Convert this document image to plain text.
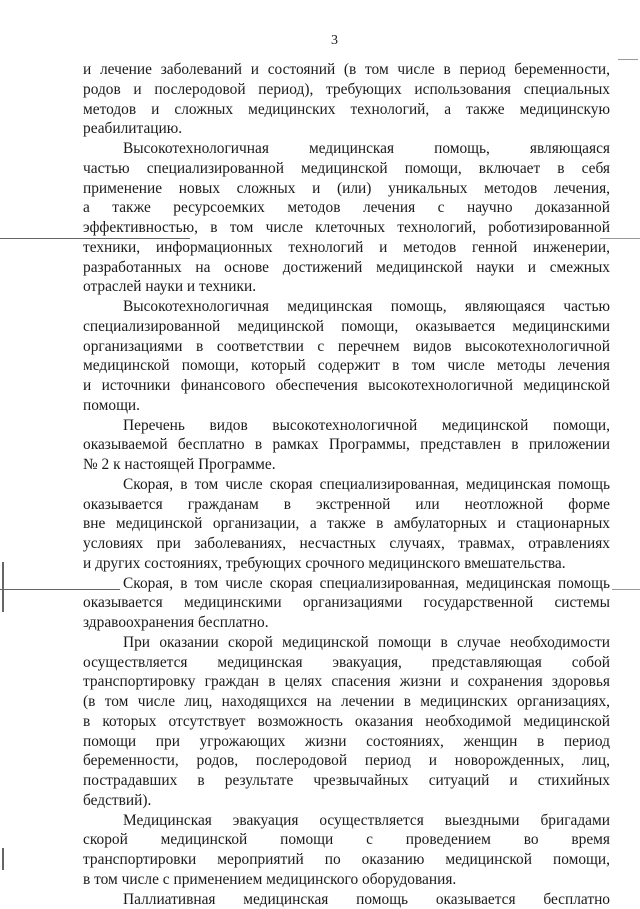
3
и лечение заболеваний и состояний (в том числе в период беременности,
родов и послеродовой период), требующих использования специальных
методов и сложных медицинских технологий, а также медицинскую
реабилитацию.
Высокотехнологичная медицинская помощь, являющаяся
частью специализированной медицинской помощи, включает в себя
применение новых сложных и (или) уникальных методов лечения,
а также ресурсоемких методов лечения с научно доказанной
эффективностью, в том числе клеточных технологий, роботизированной
техники, информационных технологий и методов генной инженерии,
разработанных на основе достижений медицинской науки и смежных
отраслей науки и техники.
Высокотехнологичная медицинская помощь, являющаяся частью
специализированной медицинской помощи, оказывается медицинскими
организациями в соответствии с перечнем видов высокотехнологичной
медицинской помощи, который содержит в том числе методы лечения
и источники финансового обеспечения высокотехнологичной медицинской
помощи.
Перечень видов высокотехнологичной медицинской помощи,
оказываемой бесплатно в рамках Программы, представлен в приложении
№ 2 к настоящей Программе.
Скорая, в том числе скорая специализированная, медицинская помощь
оказывается гражданам в экстренной или неотложной форме
вне медицинской организации, а также в амбулаторных и стационарных
условиях при заболеваниях, несчастных случаях, травмах, отравлениях
и других состояниях, требующих срочного медицинского вмешательства.
Скорая, в том числе скорая специализированная, медицинская помощь
оказывается медицинскими организациями государственной системы
здравоохранения бесплатно.
При оказании скорой медицинской помощи в случае необходимости
осуществляется медицинская эвакуация, представляющая собой
транспортировку граждан в целях спасения жизни и сохранения здоровья
(в том числе лиц, находящихся на лечении в медицинских организациях,
в которых отсутствует возможность оказания необходимой медицинской
помощи при угрожающих жизни состояниях, женщин в период
беременности, родов, послеродовой период и новорожденных, лиц,
пострадавших в результате чрезвычайных ситуаций и стихийных
бедствий).
Медицинская эвакуация осуществляется выездными бригадами
скорой медицинской помощи с проведением во время
транспортировки мероприятий по оказанию медицинской помощи,
в том числе с применением медицинского оборудования.
Паллиативная медицинская помощь оказывается бесплатно
